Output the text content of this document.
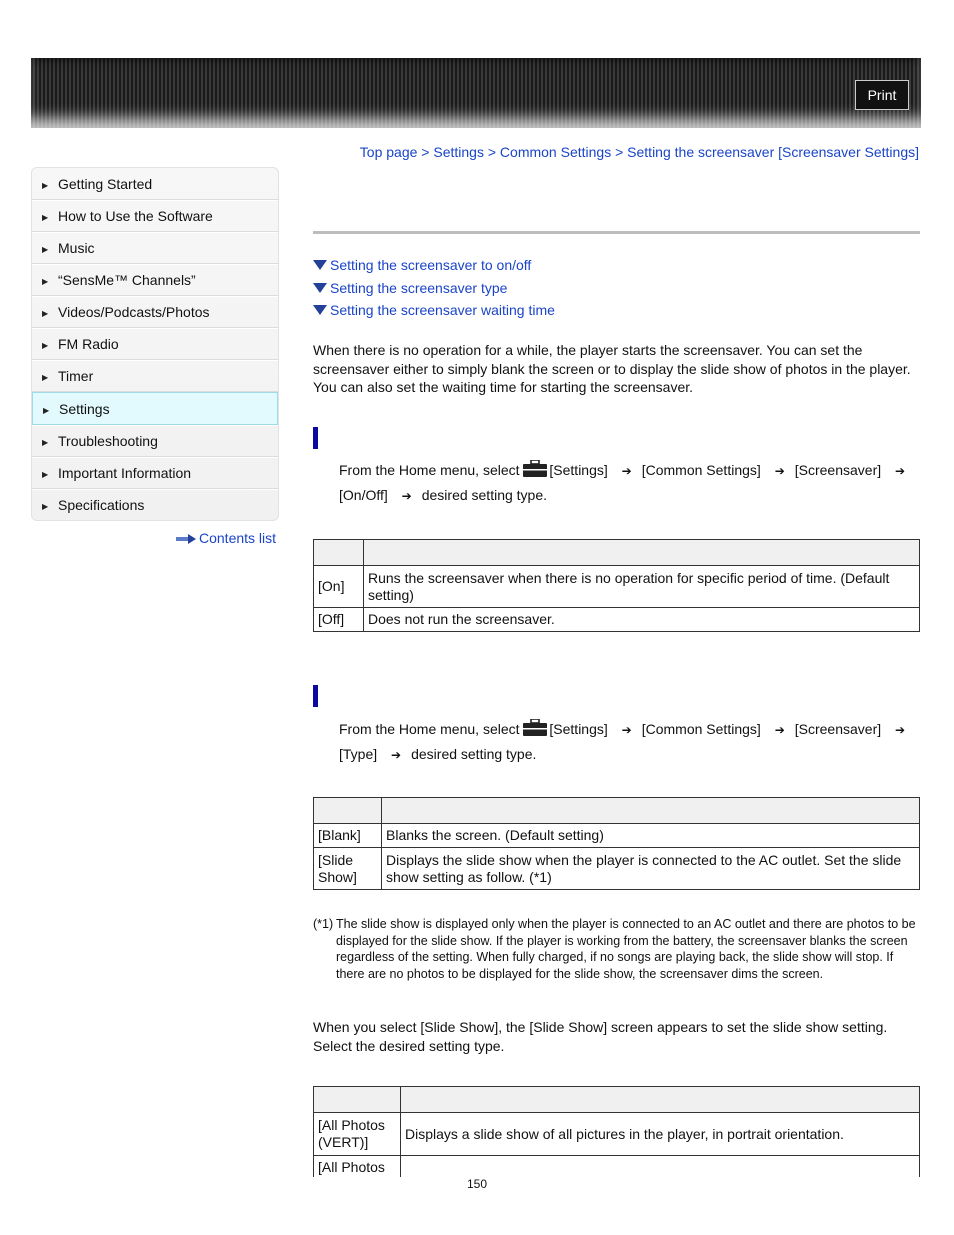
Print
Top page > Settings > Common Settings > Setting the screensaver [Screensaver Settings]
▶ Getting Started
▶ How to Use the Software
▶ Music
▶ “SensMe™ Channels”
▶ Videos/Podcasts/Photos
▶ FM Radio
▶ Timer
▶ Settings
▶ Troubleshooting
▶ Important Information
▶ Specifications
Contents list
Setting the screensaver to on/off
Setting the screensaver type
Setting the screensaver waiting time
When there is no operation for a while, the player starts the screensaver. You can set the screensaver either to simply blank the screen or to display the slide show of photos in the player. You can also set the waiting time for starting the screensaver.
From the Home menu, select [Settings] ➔ [Common Settings] ➔ [Screensaver] ➔
[On/Off] ➔ desired setting type.

[On]	Runs the screensaver when there is no operation for specific period of time. (Default setting)
[Off]	Does not run the screensaver.
From the Home menu, select [Settings] ➔ [Common Settings] ➔ [Screensaver] ➔
[Type] ➔ desired setting type.

[Blank]	Blanks the screen. (Default setting)
[Slide Show]	Displays the slide show when the player is connected to the AC outlet. Set the slide show setting as follow. (*1)
(*1) The slide show is displayed only when the player is connected to an AC outlet and there are photos to be displayed for the slide show. If the player is working from the battery, the screensaver blanks the screen regardless of the setting. When fully charged, if no songs are playing back, the slide show will stop. If there are no photos to be displayed for the slide show, the screensaver dims the screen.
When you select [Slide Show], the [Slide Show] screen appears to set the slide show setting. Select the desired setting type.

[All Photos (VERT)]	Displays a slide show of all pictures in the player, in portrait orientation.
[All Photos	
150
